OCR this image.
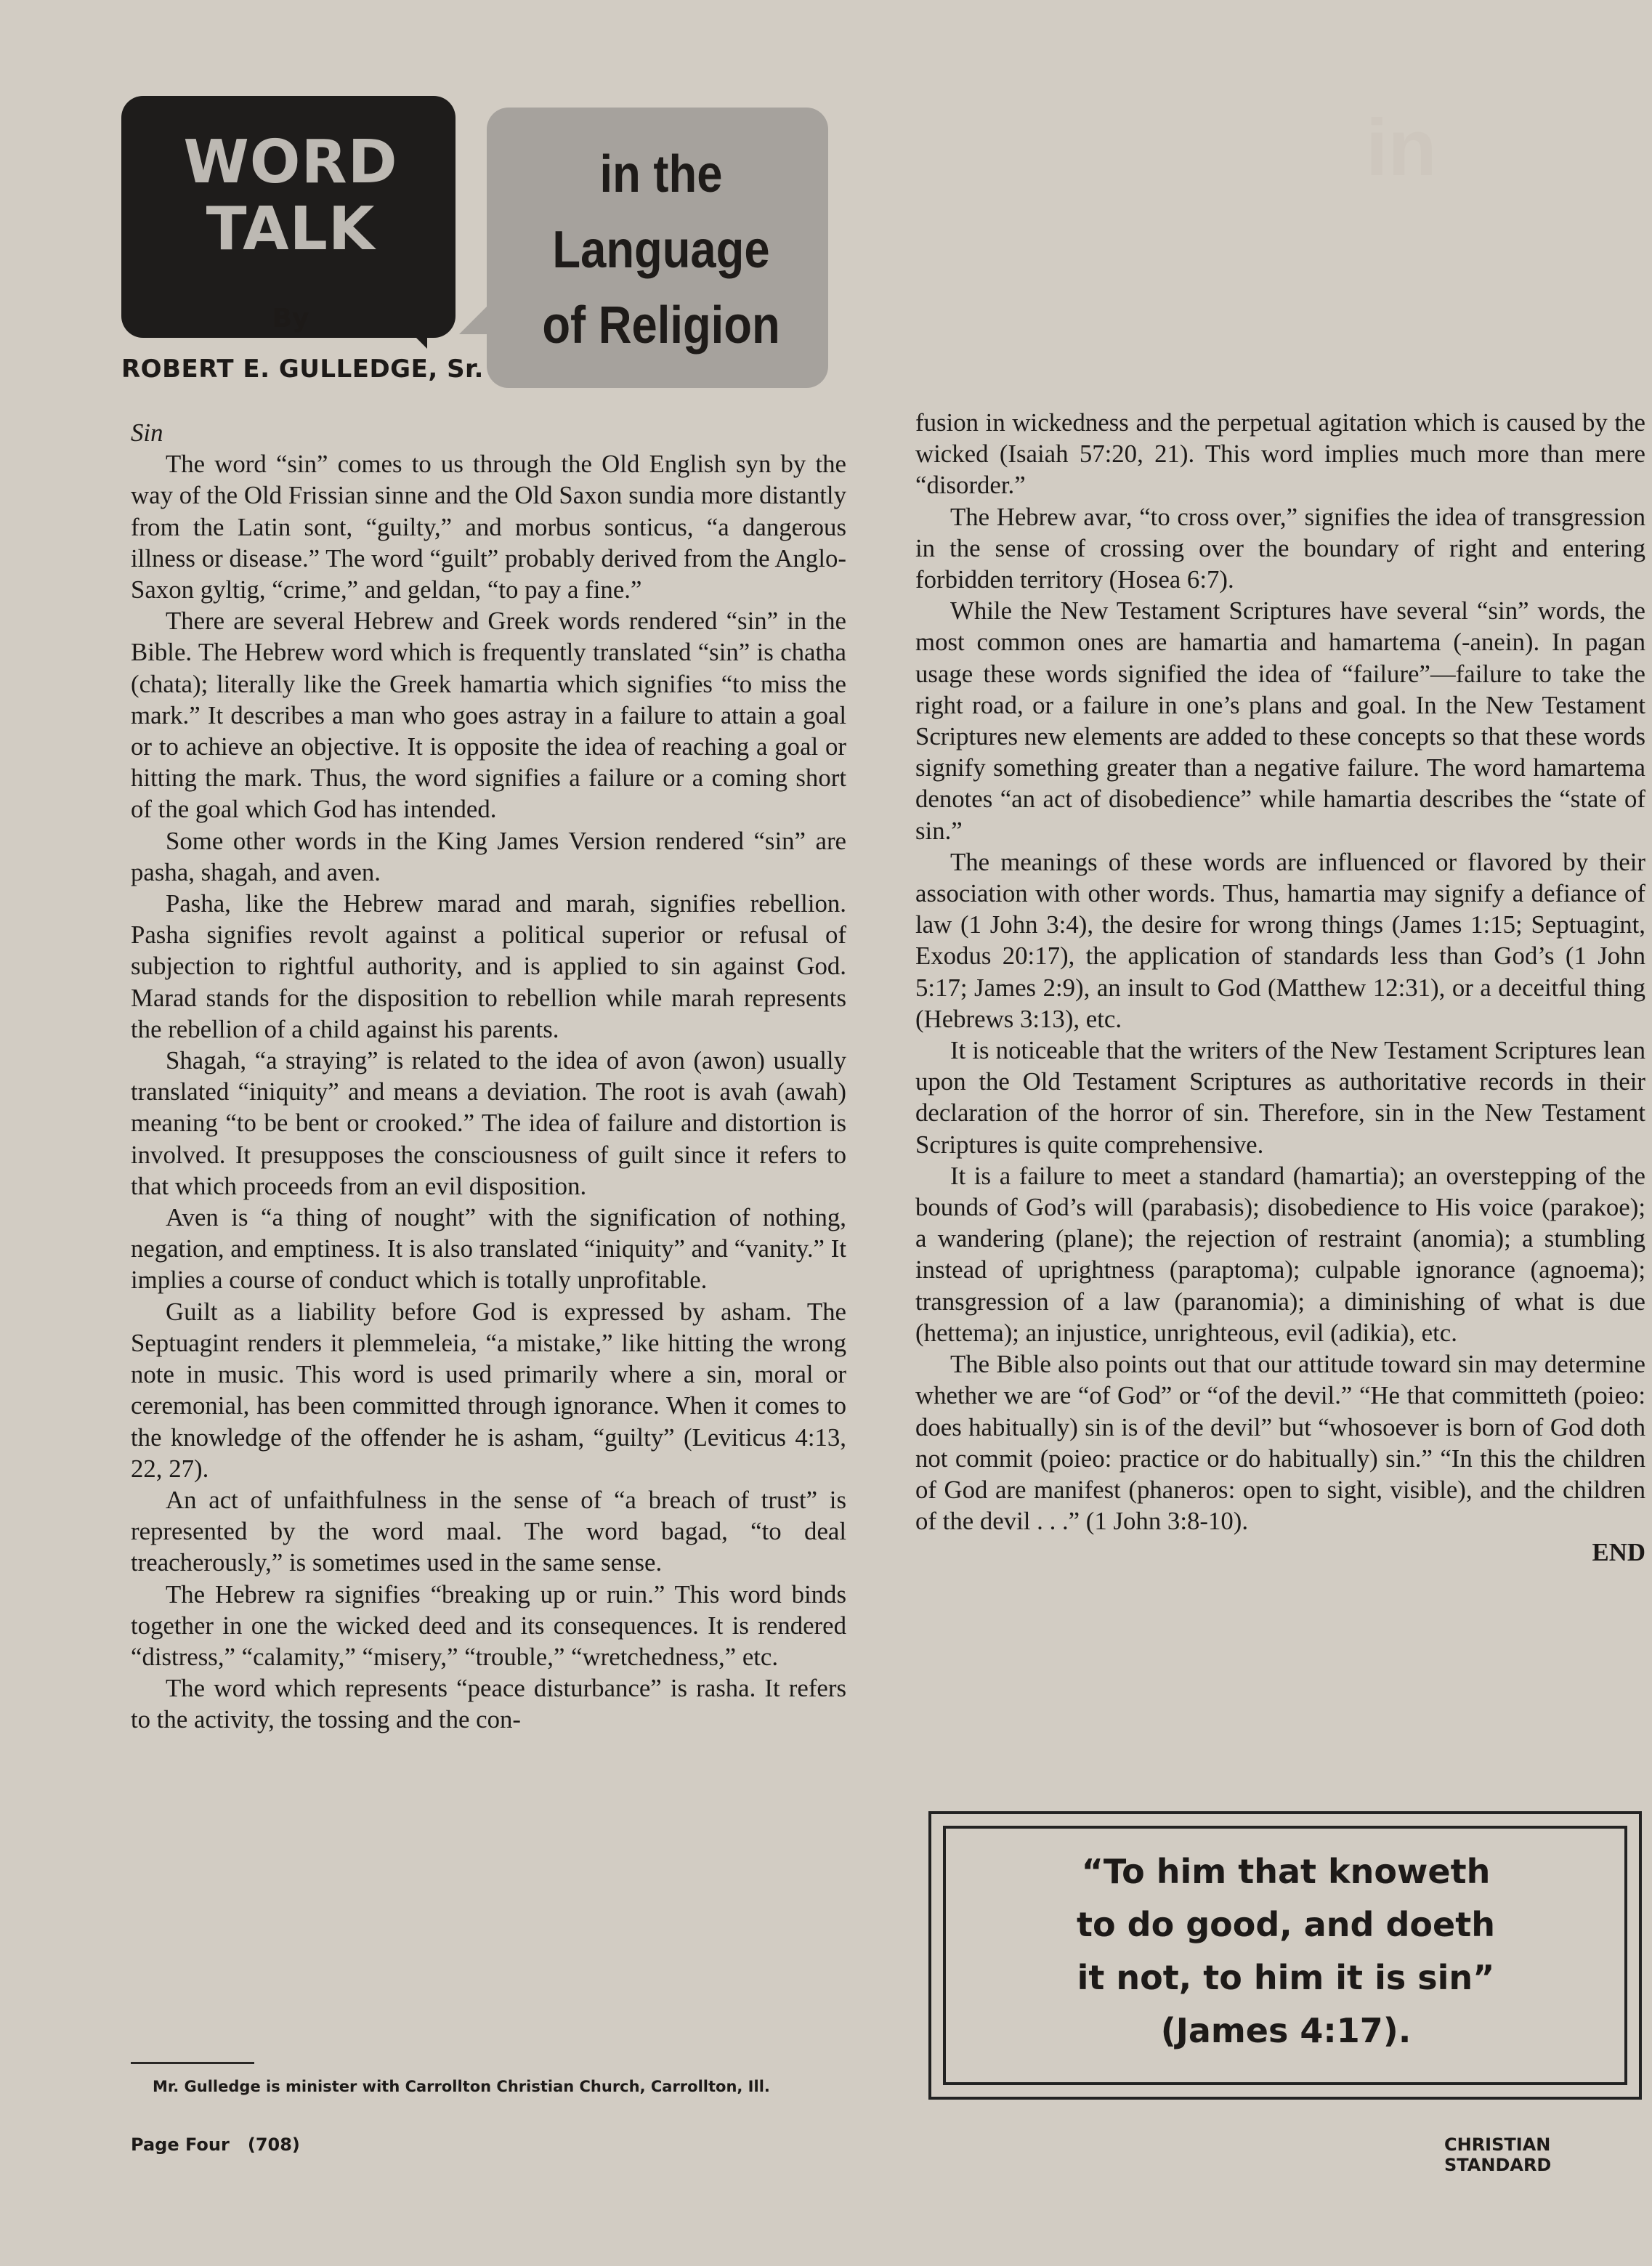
in
WORD
TALK
By
in the
Language
of Religion
ROBERT E. GULLEDGE, Sr.

Sin

The word “sin” comes to us through the Old English syn by the way of the Old Frissian sinne and the Old Saxon sundia more distantly from the Latin sont, “guilty,” and morbus sonticus, “a dangerous illness or disease.” The word “guilt” probably derived from the Anglo-Saxon gyltig, “crime,” and geldan, “to pay a fine.”

There are several Hebrew and Greek words rendered “sin” in the Bible. The Hebrew word which is frequently translated “sin” is chatha (chata); literally like the Greek hamartia which signifies “to miss the mark.” It describes a man who goes astray in a failure to attain a goal or to achieve an objective. It is opposite the idea of reaching a goal or hitting the mark. Thus, the word signifies a failure or a coming short of the goal which God has intended.

Some other words in the King James Version rendered “sin” are pasha, shagah, and aven.

Pasha, like the Hebrew marad and marah, signifies rebellion. Pasha signifies revolt against a political superior or refusal of subjection to rightful authority, and is applied to sin against God. Marad stands for the disposition to rebellion while marah represents the rebellion of a child against his parents.

Shagah, “a straying” is related to the idea of avon (awon) usually translated “iniquity” and means a deviation. The root is avah (awah) meaning “to be bent or crooked.” The idea of failure and distortion is involved. It presupposes the consciousness of guilt since it refers to that which proceeds from an evil disposition.

Aven is “a thing of nought” with the signification of nothing, negation, and emptiness. It is also translated “iniquity” and “vanity.” It implies a course of conduct which is totally unprofitable.

Guilt as a liability before God is expressed by asham. The Septuagint renders it plemmeleia, “a mistake,” like hitting the wrong note in music. This word is used primarily where a sin, moral or ceremonial, has been committed through ignorance. When it comes to the knowledge of the offender he is asham, “guilty” (Leviticus 4:13, 22, 27).

An act of unfaithfulness in the sense of “a breach of trust” is represented by the word maal. The word bagad, “to deal treacherously,” is sometimes used in the same sense.

The Hebrew ra signifies “breaking up or ruin.” This word binds together in one the wicked deed and its consequences. It is rendered “distress,” “calamity,” “misery,” “trouble,” “wretchedness,” etc.

The word which represents “peace disturbance” is rasha. It refers to the activity, the tossing and the con-

fusion in wickedness and the perpetual agitation which is caused by the wicked (Isaiah 57:20, 21). This word implies much more than mere “disorder.”

The Hebrew avar, “to cross over,” signifies the idea of transgression in the sense of crossing over the boundary of right and entering forbidden territory (Hosea 6:7).

While the New Testament Scriptures have several “sin” words, the most common ones are hamartia and hamartema (-anein). In pagan usage these words signified the idea of “failure”—failure to take the right road, or a failure in one’s plans and goal. In the New Testament Scriptures new elements are added to these concepts so that these words signify something greater than a negative failure. The word hamartema denotes “an act of disobedience” while hamartia describes the “state of sin.”

The meanings of these words are influenced or flavored by their association with other words. Thus, hamartia may signify a defiance of law (1 John 3:4), the desire for wrong things (James 1:15; Septuagint, Exodus 20:17), the application of standards less than God’s (1 John 5:17; James 2:9), an insult to God (Matthew 12:31), or a deceitful thing (Hebrews 3:13), etc.

It is noticeable that the writers of the New Testament Scriptures lean upon the Old Testament Scriptures as authoritative records in their declaration of the horror of sin. Therefore, sin in the New Testament Scriptures is quite comprehensive.

It is a failure to meet a standard (hamartia); an overstepping of the bounds of God’s will (parabasis); disobedience to His voice (parakoe); a wandering (plane); the rejection of restraint (anomia); a stumbling instead of uprightness (paraptoma); culpable ignorance (agnoema); transgression of a law (paranomia); a diminishing of what is due (hettema); an injustice, unrighteous, evil (adikia), etc.

The Bible also points out that our attitude toward sin may determine whether we are “of God” or “of the devil.” “He that committeth (poieo: does habitually) sin is of the devil” but “whosoever is born of God doth not commit (poieo: practice or do habitually) sin.” “In this the children of God are manifest (phaneros: open to sight, visible), and the children of the devil . . .” (1 John 3:8-10).

END

“To him that knoweth
to do good, and doeth
it not, to him it is sin”
(James 4:17).
Mr. Gulledge is minister with Carrollton Christian Church, Carrollton, Ill.
Page Four   (708)	CHRISTIAN STANDARD
